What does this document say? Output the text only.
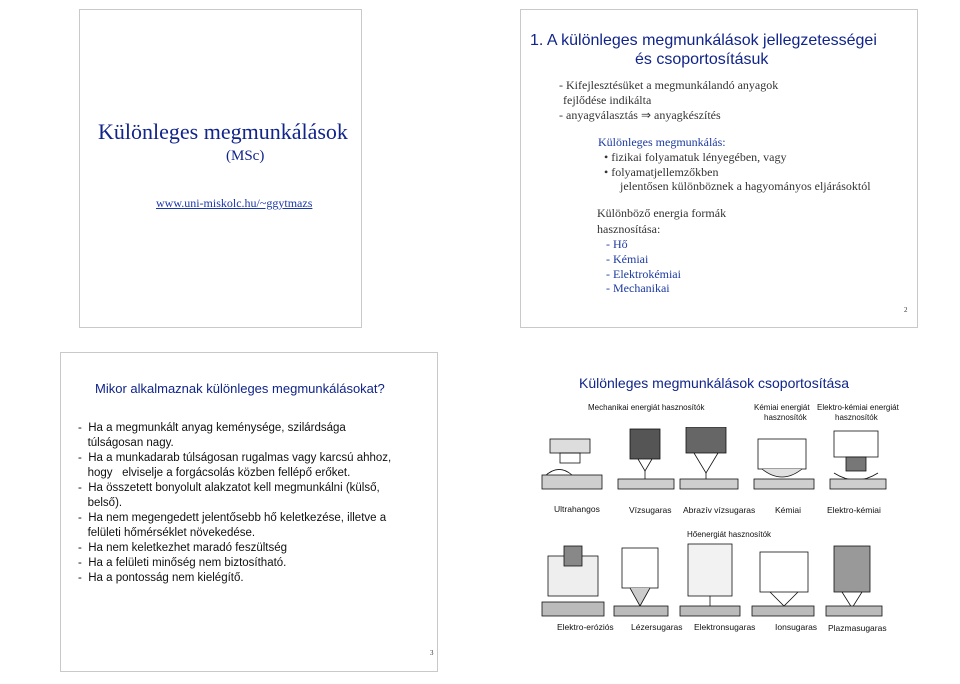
Különleges megmunkálások
(MSc)
www.uni-miskolc.hu/~ggytmazs
1. A különleges megmunkálások jellegzetességei
és csoportosításuk
- Kifejlesztésüket a megmunkálandó anyagok
fejlődése indikálta
- anyagválasztás ⇒ anyagkészítés
Különleges megmunkálás:
• fizikai folyamatuk lényegében, vagy
• folyamatjellemzőkben
jelentősen különböznek a hagyományos eljárásoktól
Különböző energia formák
hasznosítása:
- Hő
- Kémiai
- Elektrokémiai
- Mechanikai
2
Mikor alkalmaznak különleges megmunkálásokat?
-  Ha a megmunkált anyag keménysége, szilárdsága
túlságosan nagy.
-  Ha a munkadarab túlságosan rugalmas vagy karcsú ahhoz,
hogy   elviselje a forgácsolás közben fellépő erőket.
-  Ha összetett bonyolult alakzatot kell megmunkálni (külső,
belső).
-  Ha nem megengedett jelentősebb hő keletkezése, illetve a
felületi hőmérséklet növekedése.
-  Ha nem keletkezhet maradó feszültség
-  Ha a felületi minőség nem biztosítható.
-  Ha a pontosság nem kielégítő.
3
Különleges megmunkálások csoportosítása
Mechanikai energiát hasznosítók	Kémiai energiát
hasznosítók
Elektro-kémiai energiát
hasznosítók
Ultrahangos	Vízsugaras Abrazív vízsugaras Kémiai	Elektro-kémiai
Hőenergiát hasznosítók
Elektro-eróziós Lézersugaras Elektronsugaras Ionsugaras Plazmasugaras
